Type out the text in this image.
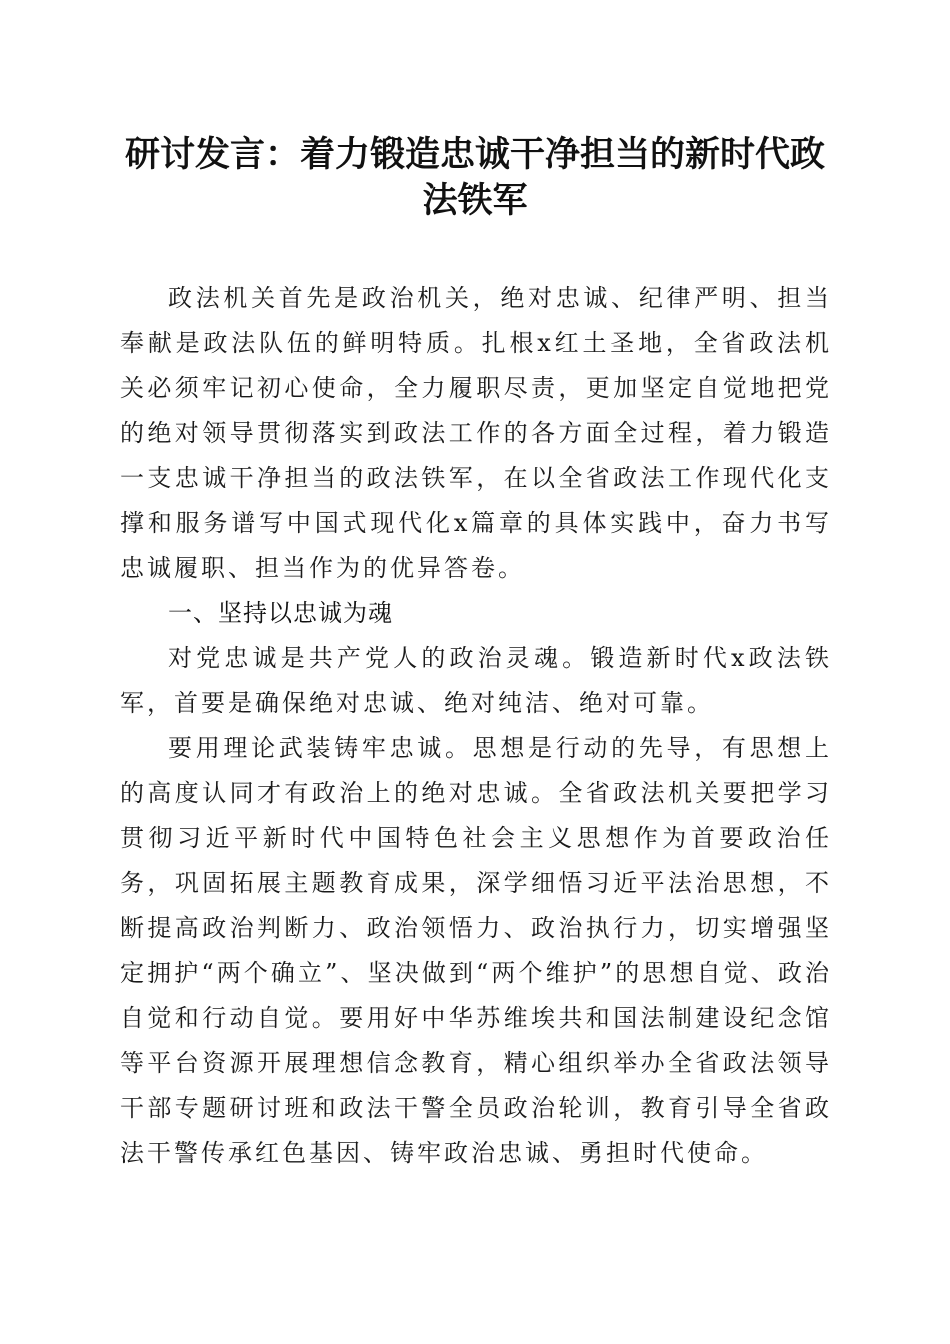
研讨发言：着力锻造忠诚干净担当的新时代政
法铁军

政法机关首先是政治机关，绝对忠诚、纪律严明、担当奉献是政法队伍的鲜明特质。扎根x红土圣地，全省政法机关必须牢记初心使命，全力履职尽责，更加坚定自觉地把党的绝对领导贯彻落实到政法工作的各方面全过程，着力锻造一支忠诚干净担当的政法铁军，在以全省政法工作现代化支撑和服务谱写中国式现代化x篇章的具体实践中，奋力书写忠诚履职、担当作为的优异答卷。

一、坚持以忠诚为魂

对党忠诚是共产党人的政治灵魂。锻造新时代x政法铁军，首要是确保绝对忠诚、绝对纯洁、绝对可靠。

要用理论武装铸牢忠诚。思想是行动的先导，有思想上的高度认同才有政治上的绝对忠诚。全省政法机关要把学习贯彻习近平新时代中国特色社会主义思想作为首要政治任务，巩固拓展主题教育成果，深学细悟习近平法治思想，不断提高政治判断力、政治领悟力、政治执行力，切实增强坚定拥护“两个确立”、坚决做到“两个维护”的思想自觉、政治自觉和行动自觉。要用好中华苏维埃共和国法制建设纪念馆等平台资源开展理想信念教育，精心组织举办全省政法领导干部专题研讨班和政法干警全员政治轮训，教育引导全省政法干警传承红色基因、铸牢政治忠诚、勇担时代使命。
